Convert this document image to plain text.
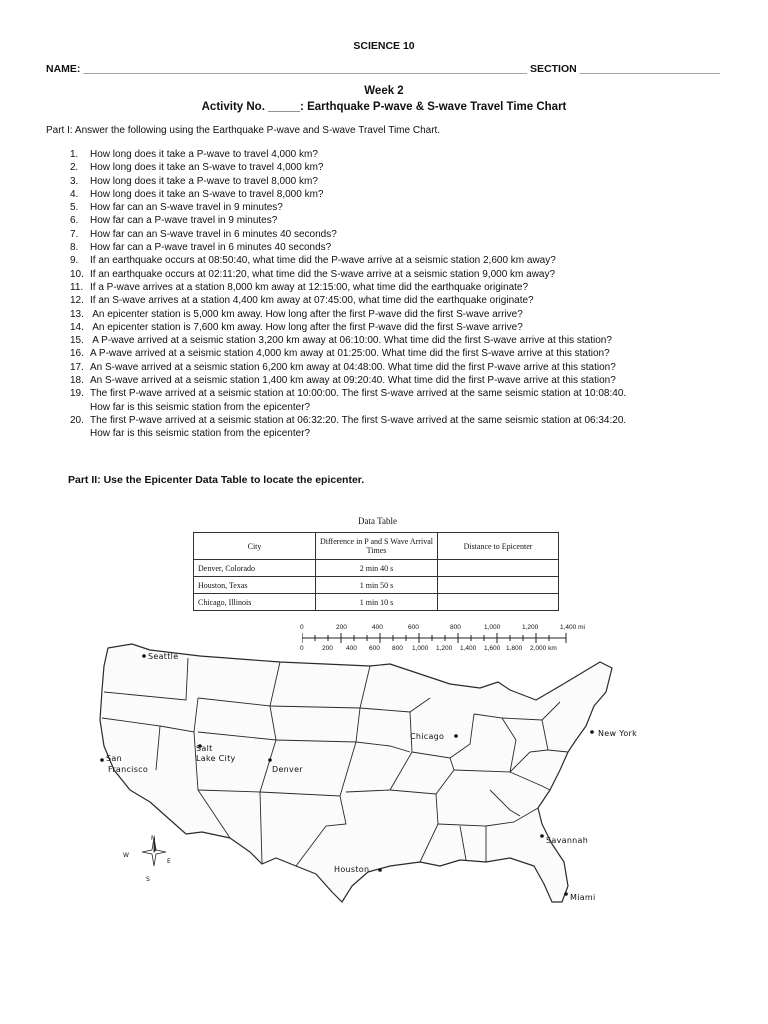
SCIENCE 10
NAME: ____________________________________________________________________________ SECTION ________________________
Week 2
Activity No. _____: Earthquake P-wave & S-wave Travel Time Chart
Part I: Answer the following using the Earthquake P-wave and S-wave Travel Time Chart.
1. How long does it take a P-wave to travel 4,000 km?
2. How long does it take an S-wave to travel 4,000 km?
3. How long does it take a P-wave to travel 8,000 km?
4. How long does it take an S-wave to travel 8,000 km?
5. How far can an S-wave travel in 9 minutes?
6. How far can a P-wave travel in 9 minutes?
7. How far can an S-wave travel in 6 minutes 40 seconds?
8. How far can a P-wave travel in 6 minutes 40 seconds?
9. If an earthquake occurs at 08:50:40, what time did the P-wave arrive at a seismic station 2,600 km away?
10. If an earthquake occurs at 02:11:20, what time did the S-wave arrive at a seismic station 9,000 km away?
11. If a P-wave arrives at a station 8,000 km away at 12:15:00, what time did the earthquake originate?
12. If an S-wave arrives at a station 4,400 km away at 07:45:00, what time did the earthquake originate?
13. An epicenter station is 5,000 km away. How long after the first P-wave did the first S-wave arrive?
14. An epicenter station is 7,600 km away. How long after the first P-wave did the first S-wave arrive?
15. A P-wave arrived at a seismic station 3,200 km away at 06:10:00. What time did the first S-wave arrive at this station?
16. A P-wave arrived at a seismic station 4,000 km away at 01:25:00. What time did the first S-wave arrive at this station?
17. An S-wave arrived at a seismic station 6,200 km away at 04:48:00. What time did the first P-wave arrive at this station?
18. An S-wave arrived at a seismic station 1,400 km away at 09:20:40. What time did the first P-wave arrive at this station?
19. The first P-wave arrived at a seismic station at 10:00:00. The first S-wave arrived at the same seismic station at 10:08:40.
How far is this seismic station from the epicenter?
20. The first P-wave arrived at a seismic station at 06:32:20. The first S-wave arrived at the same seismic station at 06:34:20.
How far is this seismic station from the epicenter?
Part II: Use the Epicenter Data Table to locate the epicenter.
Data Table
City	Difference in P and S Wave Arrival Times	Distance to Epicenter
Denver, Colorado	2 min 40 s	
Houston, Texas	1 min 50 s	
Chicago, Illinois	1 min 10 s	
0	200	400	600	800	1,000	1,200	1,400 mi
0	200 400 600 800 1,000 1,200 1,400 1,600 1,800 2,000 km
Seattle
San
Francisco
Salt
Lake City
Denver
Chicago	New York
Houston
Savannah
Miami
N
S
E
W
